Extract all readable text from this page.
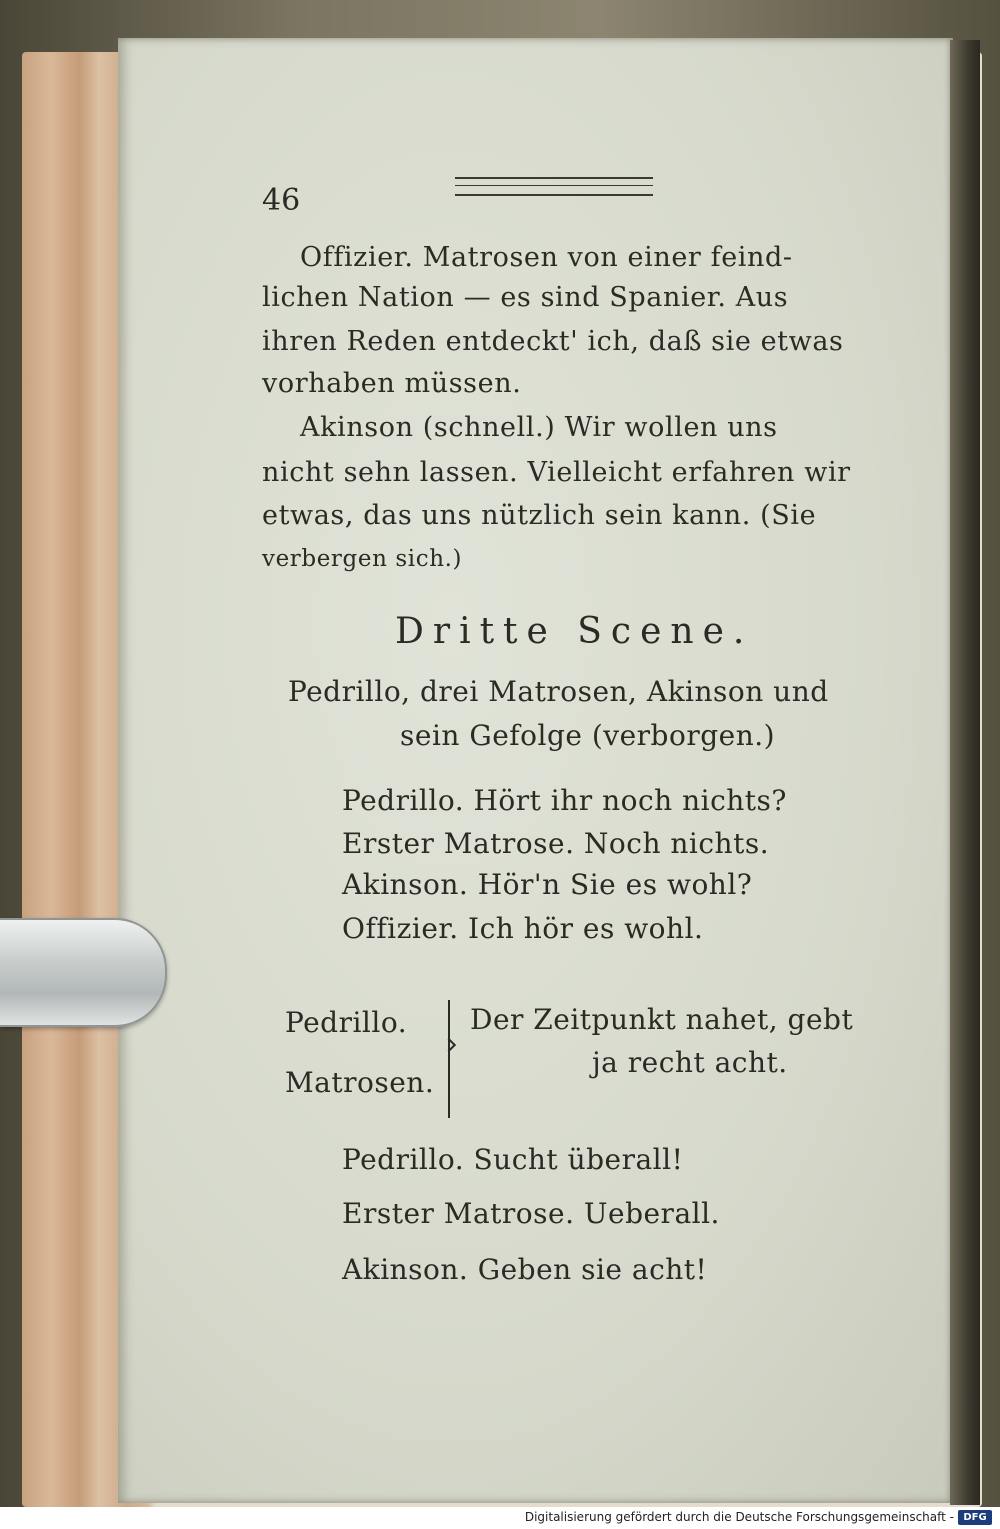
46
Offizier. Matrosen von einer feind-
lichen Nation — es sind Spanier. Aus
ihren Reden entdeckt' ich, daß sie etwas
vorhaben müssen.
Akinson (schnell.) Wir wollen uns
nicht sehn lassen. Vielleicht erfahren wir
etwas, das uns nützlich sein kann. (Sie
verbergen sich.)
Dritte Scene.
Pedrillo, drei Matrosen, Akinson und
sein Gefolge (verborgen.)
Pedrillo. Hört ihr noch nichts?
Erster Matrose. Noch nichts.
Akinson. Hör'n Sie es wohl?
Offizier. Ich hör es wohl.
Pedrillo.
Matrosen.
Der Zeitpunkt nahet, gebt
ja recht acht.
Pedrillo. Sucht überall!
Erster Matrose. Ueberall.
Akinson. Geben sie acht!
Digitalisierung gefördert durch die Deutsche Forschungsgemeinschaft - DFG
